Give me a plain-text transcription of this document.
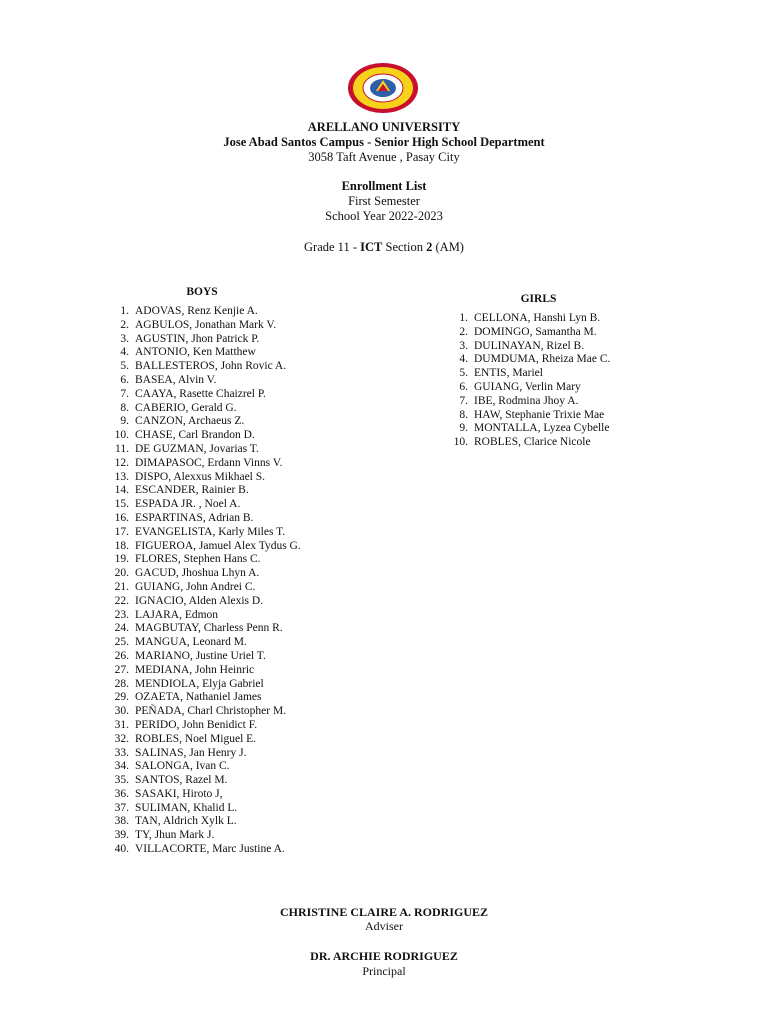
ARELLANO UNIVERSITY
Jose Abad Santos Campus - Senior High School Department
3058 Taft Avenue , Pasay City
Enrollment List
First Semester
School Year 2022-2023
Grade 11 - ICT Section 2 (AM)
BOYS
1. ADOVAS, Renz Kenjie A.
2. AGBULOS, Jonathan Mark V.
3. AGUSTIN, Jhon Patrick P.
4. ANTONIO, Ken Matthew
5. BALLESTEROS, John Rovic A.
6. BASEA, Alvin V.
7. CAAYA, Rasette Chaizrel P.
8. CABERIO, Gerald G.
9. CANZON, Archaeus Z.
10. CHASE, Carl Brandon D.
11. DE GUZMAN, Jovarias T.
12. DIMAPASOC, Erdann Vinns V.
13. DISPO, Alexxus Mikhael S.
14. ESCANDER, Rainier B.
15. ESPADA JR. , Noel A.
16. ESPARTINAS, Adrian B.
17. EVANGELISTA, Karly Miles T.
18. FIGUEROA, Jamuel Alex Tydus G.
19. FLORES, Stephen Hans C.
20. GACUD, Jhoshua Lhyn A.
21. GUIANG, John Andrei C.
22. IGNACIO, Alden Alexis D.
23. LAJARA, Edmon
24. MAGBUTAY, Charless Penn R.
25. MANGUA, Leonard M.
26. MARIANO, Justine Uriel T.
27. MEDIANA, John Heinric
28. MENDIOLA, Elyja Gabriel
29. OZAETA, Nathaniel James
30. PEÑADA, Charl Christopher M.
31. PERIDO, John Benidict F.
32. ROBLES, Noel Miguel E.
33. SALINAS, Jan Henry J.
34. SALONGA, Ivan C.
35. SANTOS, Razel M.
36. SASAKI, Hiroto J,
37. SULIMAN, Khalid L.
38. TAN, Aldrich Xylk L.
39. TY, Jhun Mark J.
40. VILLACORTE, Marc Justine A.
GIRLS
1. CELLONA, Hanshi Lyn B.
2. DOMINGO, Samantha M.
3. DULINAYAN, Rizel B.
4. DUMDUMA, Rheiza Mae C.
5. ENTIS, Mariel
6. GUIANG, Verlin Mary
7. IBE, Rodmina Jhoy A.
8. HAW, Stephanie Trixie Mae
9. MONTALLA, Lyzea Cybelle
10. ROBLES, Clarice Nicole
CHRISTINE CLAIRE A. RODRIGUEZ
Adviser
DR. ARCHIE RODRIGUEZ
Principal
